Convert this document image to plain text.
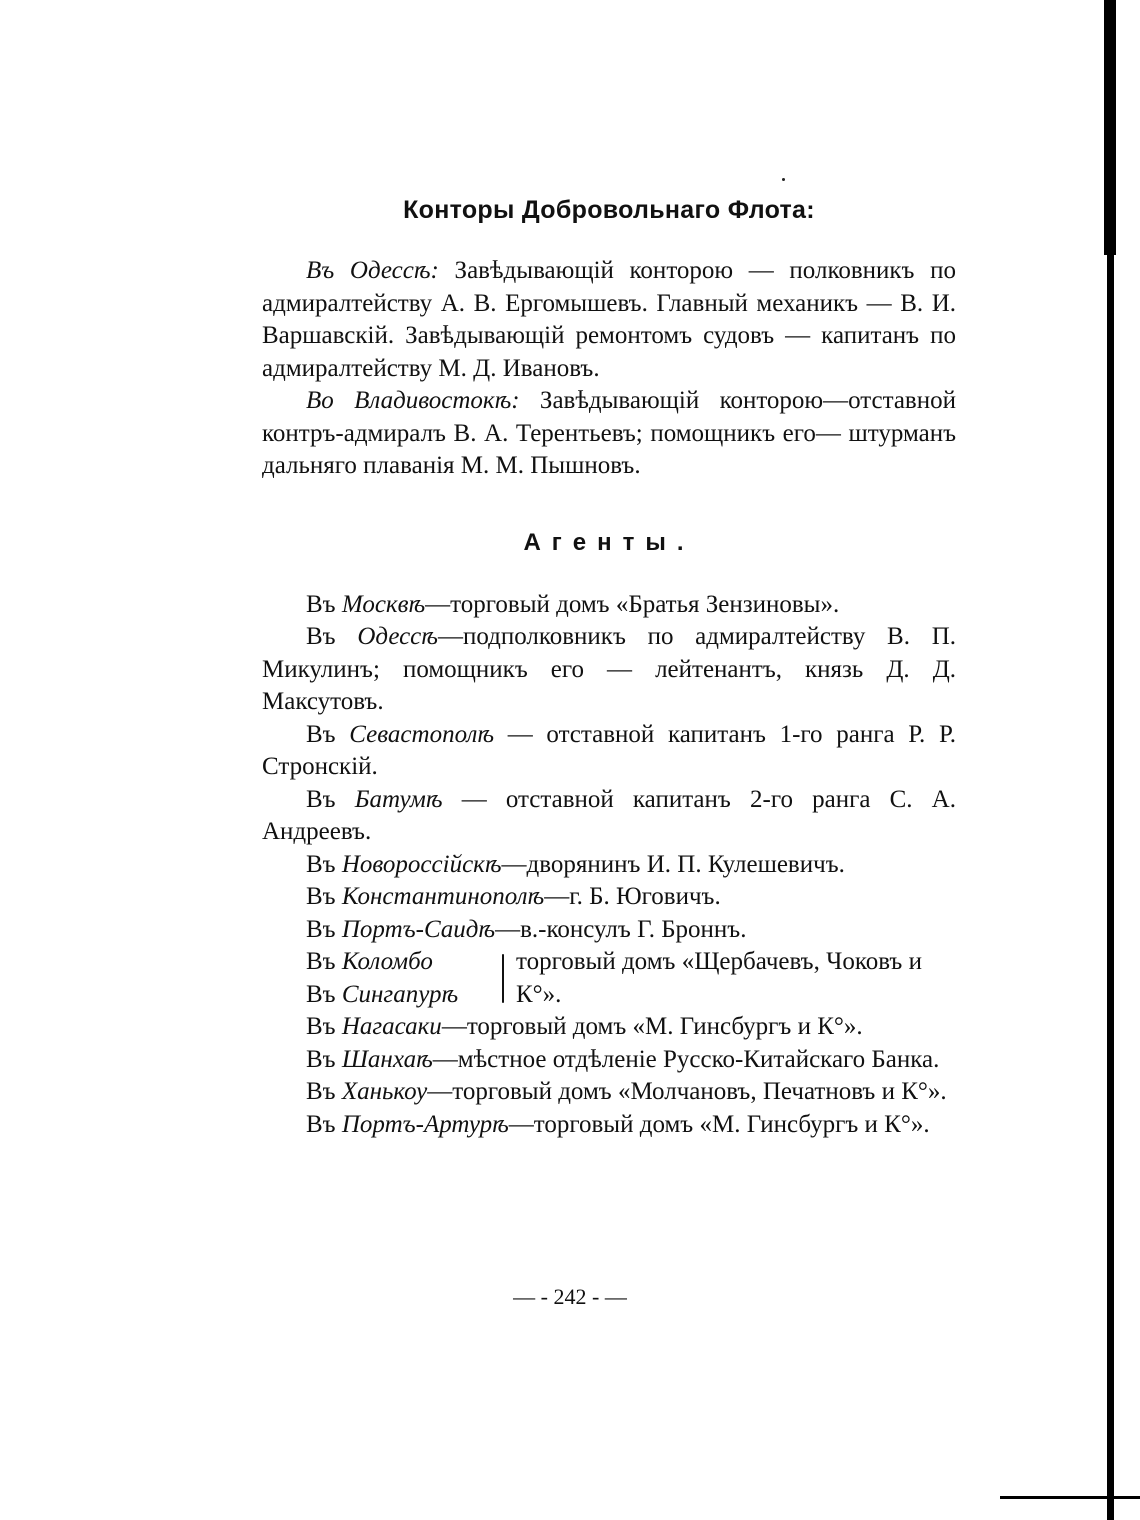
Конторы Добровольнаго Флота:

Въ Одессѣ: Завѣдывающій конторою — полковникъ по адмиралтейству А. В. Ергомышевъ. Главный механикъ — В. И. Варшавскій. Завѣдывающій ремонтомъ судовъ — капитанъ по адмиралтейству М. Д. Ивановъ.

Во Владивостокѣ: Завѣдывающій конторою—отставной контръ-адмиралъ В. А. Терентьевъ; помощникъ его— штурманъ дальняго плаванія М. М. Пышновъ.

Агенты.

Въ Москвѣ—торговый домъ «Братья Зензиновы».

Въ Одессѣ—подполковникъ по адмиралтейству В. П. Микулинъ; помощникъ его — лейтенантъ, князь Д. Д. Максутовъ.

Въ Севастополѣ — отставной капитанъ 1-го ранга Р. Р. Стронскій.

Въ Батумѣ — отставной капитанъ 2-го ранга С. А. Андреевъ.

Въ Новороссійскѣ—дворянинъ И. П. Кулешевичъ.

Въ Константинополѣ—г. Б. Юговичъ.

Въ Портъ-Саидѣ—в.-консулъ Г. Броннъ.

Въ Коломбо
Въ Сингапурѣ
торговый домъ «Щербачевъ, Чоковъ и К°».

Въ Нагасаки—торговый домъ «М. Гинсбургъ и К°».

Въ Шанхаѣ—мѣстное отдѣленіе Русско-Китайскаго Банка.

Въ Ханькоу—торговый домъ «Молчановъ, Печатновъ и К°».

Въ Портъ-Артурѣ—торговый домъ «М. Гинсбургъ и К°».

— - 242 - —
